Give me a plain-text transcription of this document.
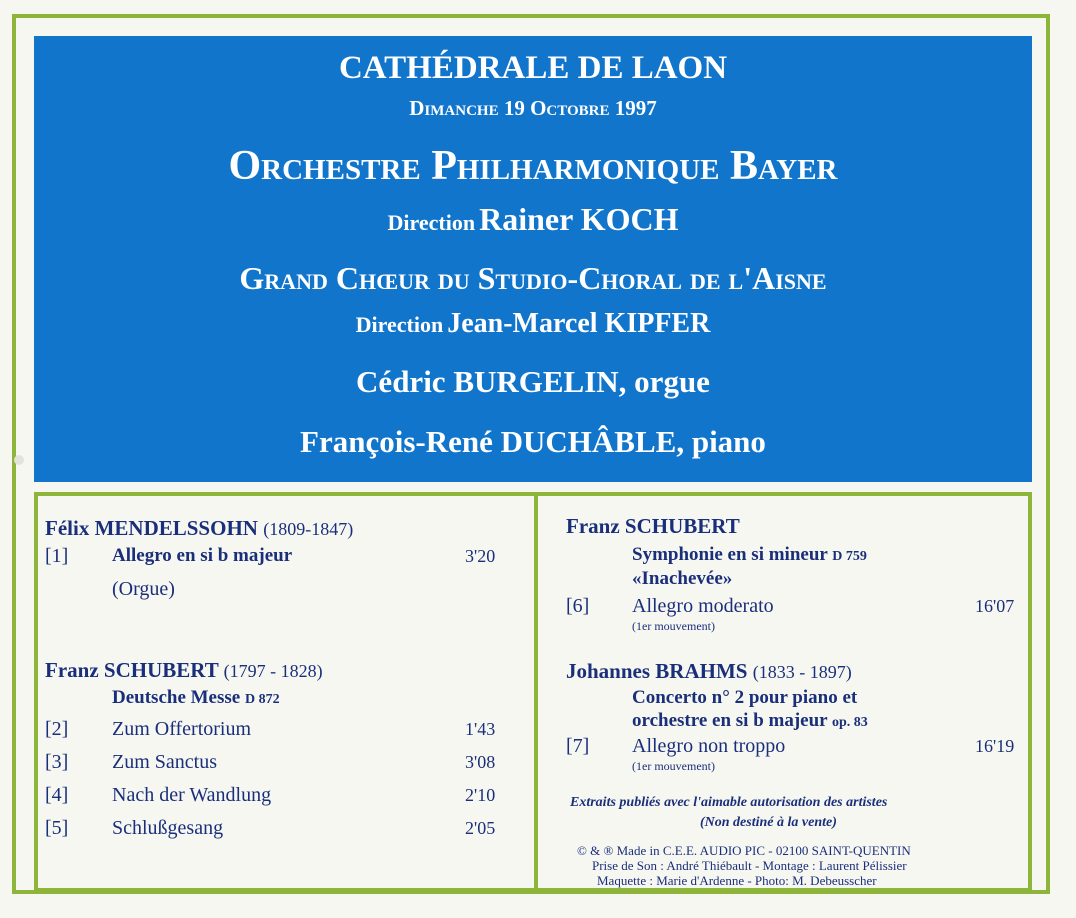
CATHÉDRALE DE LAON
Dimanche 19 Octobre 1997
Orchestre Philharmonique Bayer
Direction Rainer KOCH
Grand Chœur du Studio-Choral de l'Aisne
Direction Jean-Marcel KIPFER
Cédric BURGELIN, orgue
François-René DUCHÂBLE, piano
Félix MENDELSSOHN (1809-1847)
[1] Allegro en si b majeur	3'20
(Orgue)
Franz SCHUBERT (1797 - 1828)
Deutsche Messe D 872
[2] Zum Offertorium	1'43
[3] Zum Sanctus	3'08
[4] Nach der Wandlung	2'10
[5] Schlußgesang	2'05
Franz SCHUBERT
Symphonie en si mineur D 759
«Inachevée»
[6] Allegro moderato	16'07
(1er mouvement)
Johannes BRAHMS (1833 - 1897)
Concerto n° 2 pour piano et
orchestre en si b majeur op. 83
[7] Allegro non troppo	16'19
(1er mouvement)
Extraits publiés avec l'aimable autorisation des artistes
(Non destiné à la vente)
© & ® Made in C.E.E. AUDIO PIC - 02100 SAINT-QUENTIN
Prise de Son : André Thiébault - Montage : Laurent Pélissier
Maquette : Marie d'Ardenne - Photo: M. Debeusscher
